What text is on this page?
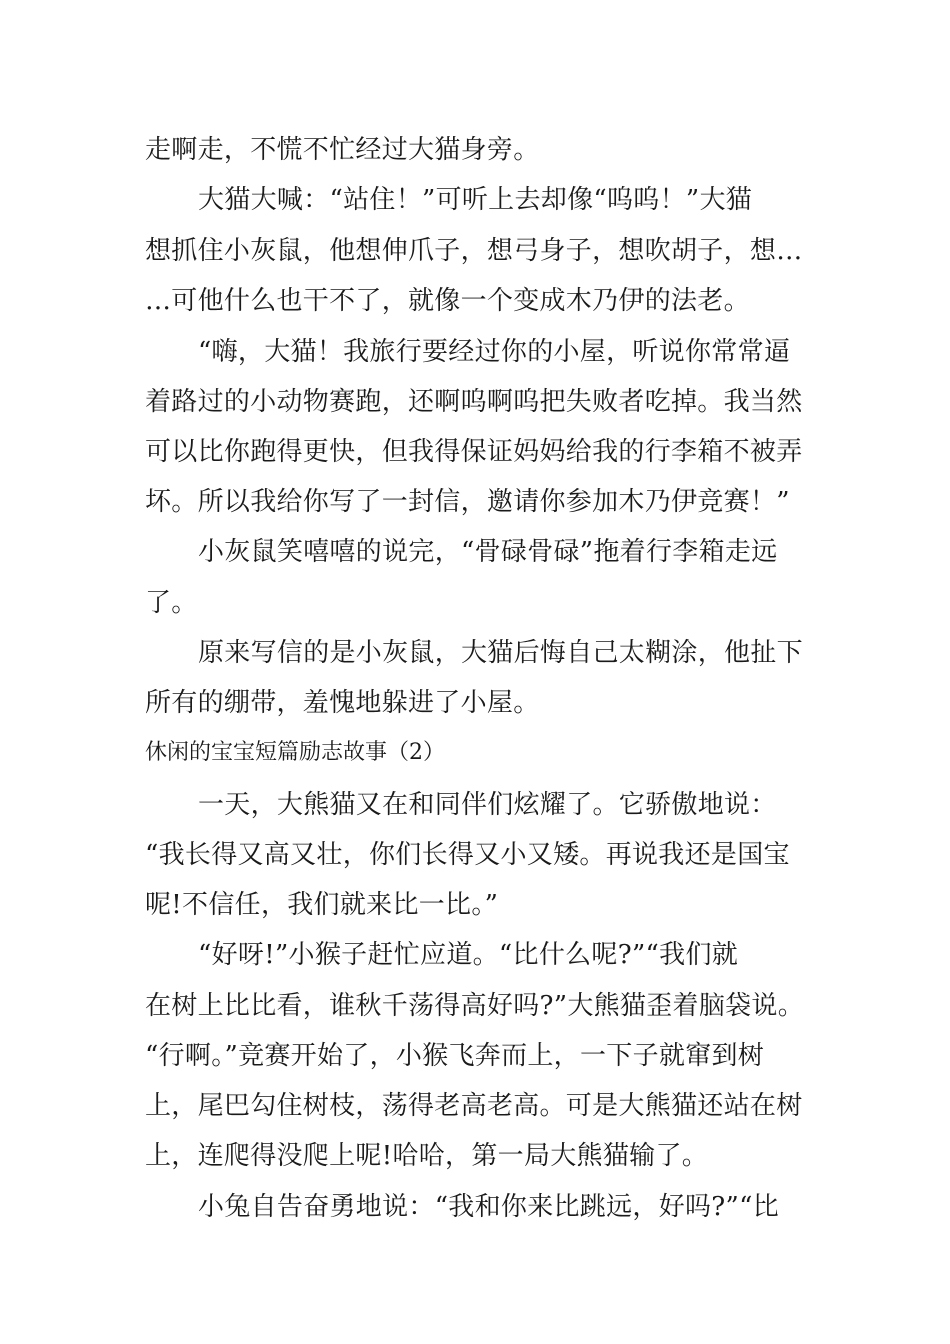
走啊走，不慌不忙经过大猫身旁。
大猫大喊：“站住！”可听上去却像“呜呜！”大猫
想抓住小灰鼠，他想伸爪子，想弓身子，想吹胡子，想…
…可他什么也干不了，就像一个变成木乃伊的法老。
“嗨，大猫！我旅行要经过你的小屋，听说你常常逼
着路过的小动物赛跑，还啊呜啊呜把失败者吃掉。我当然
可以比你跑得更快，但我得保证妈妈给我的行李箱不被弄
坏。所以我给你写了一封信，邀请你参加木乃伊竞赛！”
小灰鼠笑嘻嘻的说完，“骨碌骨碌”拖着行李箱走远
了。
原来写信的是小灰鼠，大猫后悔自己太糊涂，他扯下
所有的绷带，羞愧地躲进了小屋。
休闲的宝宝短篇励志故事（2）
一天，大熊猫又在和同伴们炫耀了。它骄傲地说：
“我长得又高又壮，你们长得又小又矮。再说我还是国宝
呢!不信任，我们就来比一比。”
“好呀!”小猴子赶忙应道。“比什么呢?”“我们就
在树上比比看，谁秋千荡得高好吗?”大熊猫歪着脑袋说。
“行啊。”竞赛开始了，小猴飞奔而上，一下子就窜到树
上，尾巴勾住树枝，荡得老高老高。可是大熊猫还站在树
上，连爬得没爬上呢!哈哈，第一局大熊猫输了。
小兔自告奋勇地说：“我和你来比跳远，好吗?”“比
